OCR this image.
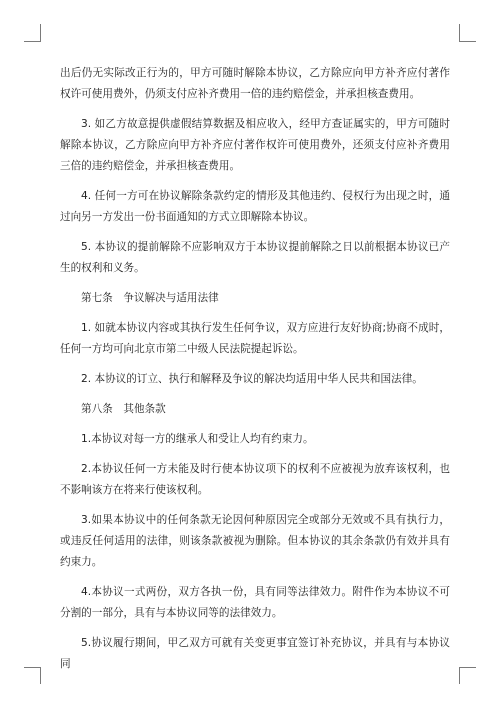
出后仍无实际改正行为的，甲方可随时解除本协议，乙方除应向甲方补齐应付著作权许可使用费外，仍须支付应补齐费用一倍的违约赔偿金，并承担核查费用。

3. 如乙方故意提供虚假结算数据及相应收入，经甲方查证属实的，甲方可随时解除本协议，乙方除应向甲方补齐应付著作权许可使用费外，还须支付应补齐费用三倍的违约赔偿金，并承担核查费用。

4. 任何一方可在协议解除条款约定的情形及其他违约、侵权行为出现之时，通过向另一方发出一份书面通知的方式立即解除本协议。

5. 本协议的提前解除不应影响双方于本协议提前解除之日以前根据本协议已产生的权利和义务。

第七条　争议解决与适用法律

1. 如就本协议内容或其执行发生任何争议，双方应进行友好协商;协商不成时，任何一方均可向北京市第二中级人民法院提起诉讼。

2. 本协议的订立、执行和解释及争议的解决均适用中华人民共和国法律。

第八条　其他条款

1.本协议对每一方的继承人和受让人均有约束力。

2.本协议任何一方未能及时行使本协议项下的权利不应被视为放弃该权利，也不影响该方在将来行使该权利。

3.如果本协议中的任何条款无论因何种原因完全或部分无效或不具有执行力，或违反任何适用的法律，则该条款被视为删除。但本协议的其余条款仍有效并具有约束力。

4.本协议一式两份，双方各执一份，具有同等法律效力。附件作为本协议不可分割的一部分，具有与本协议同等的法律效力。

5.协议履行期间，甲乙双方可就有关变更事宜签订补充协议，并具有与本协议同
